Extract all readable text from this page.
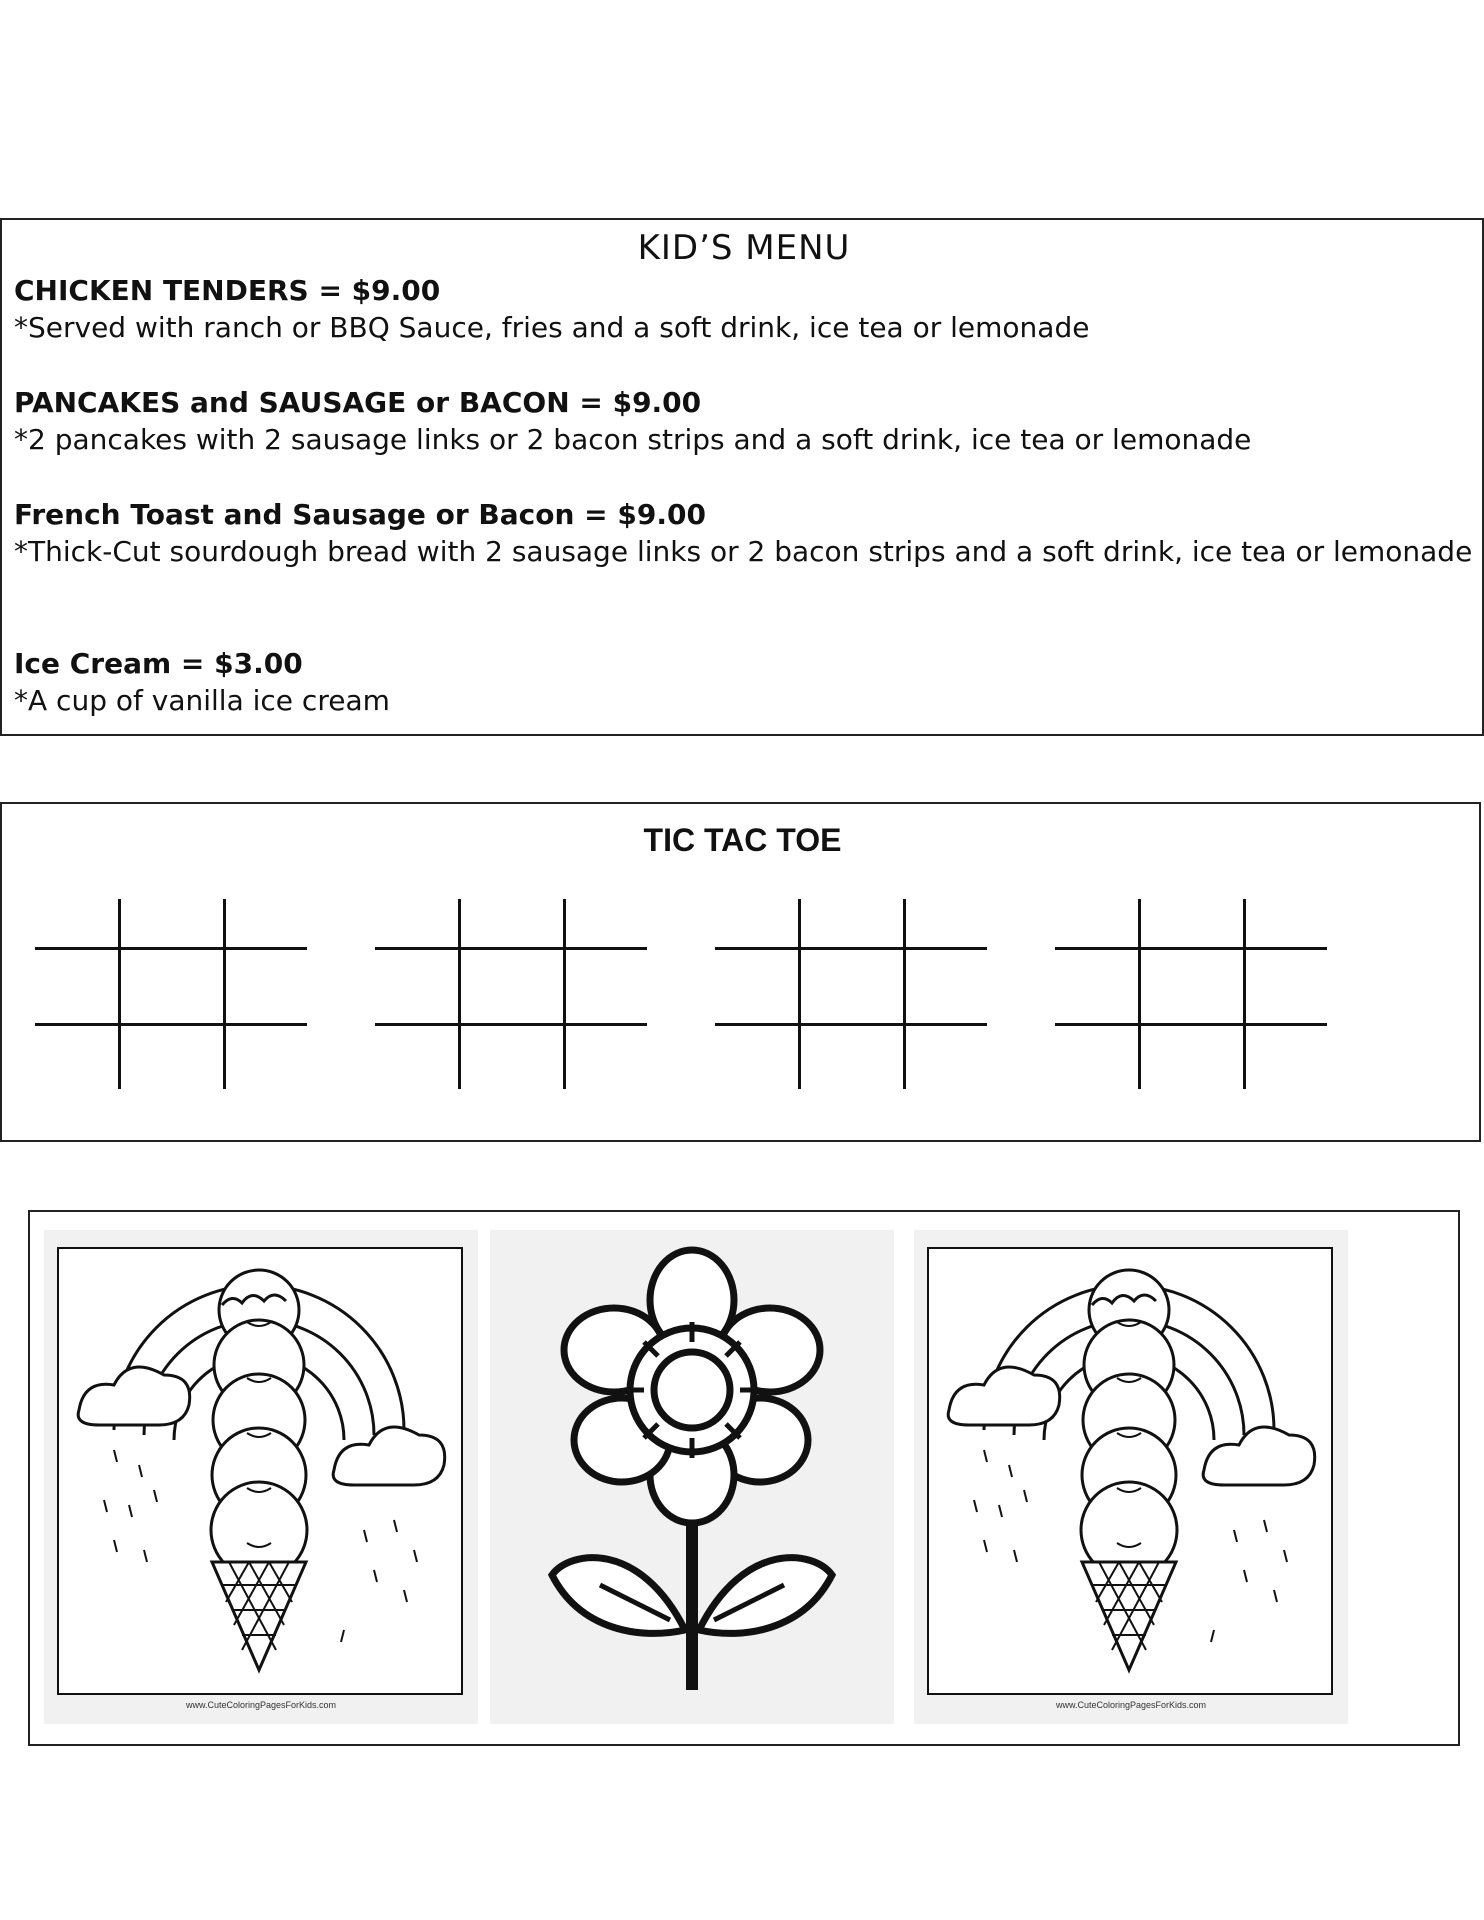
KID’S MENU
CHICKEN TENDERS = $9.00
*Served with ranch or BBQ Sauce, fries and a soft drink, ice tea or lemonade
PANCAKES and SAUSAGE or BACON = $9.00
*2 pancakes with 2 sausage links or 2 bacon strips and a soft drink, ice tea or lemonade
French Toast and Sausage or Bacon = $9.00
*Thick-Cut sourdough bread with 2 sausage links or 2 bacon strips and a soft drink, ice tea or lemonade
Ice Cream = $3.00
*A cup of vanilla ice cream
TIC TAC TOE
www.CuteColoringPagesForKids.com	www.CuteColoringPagesForKids.com
